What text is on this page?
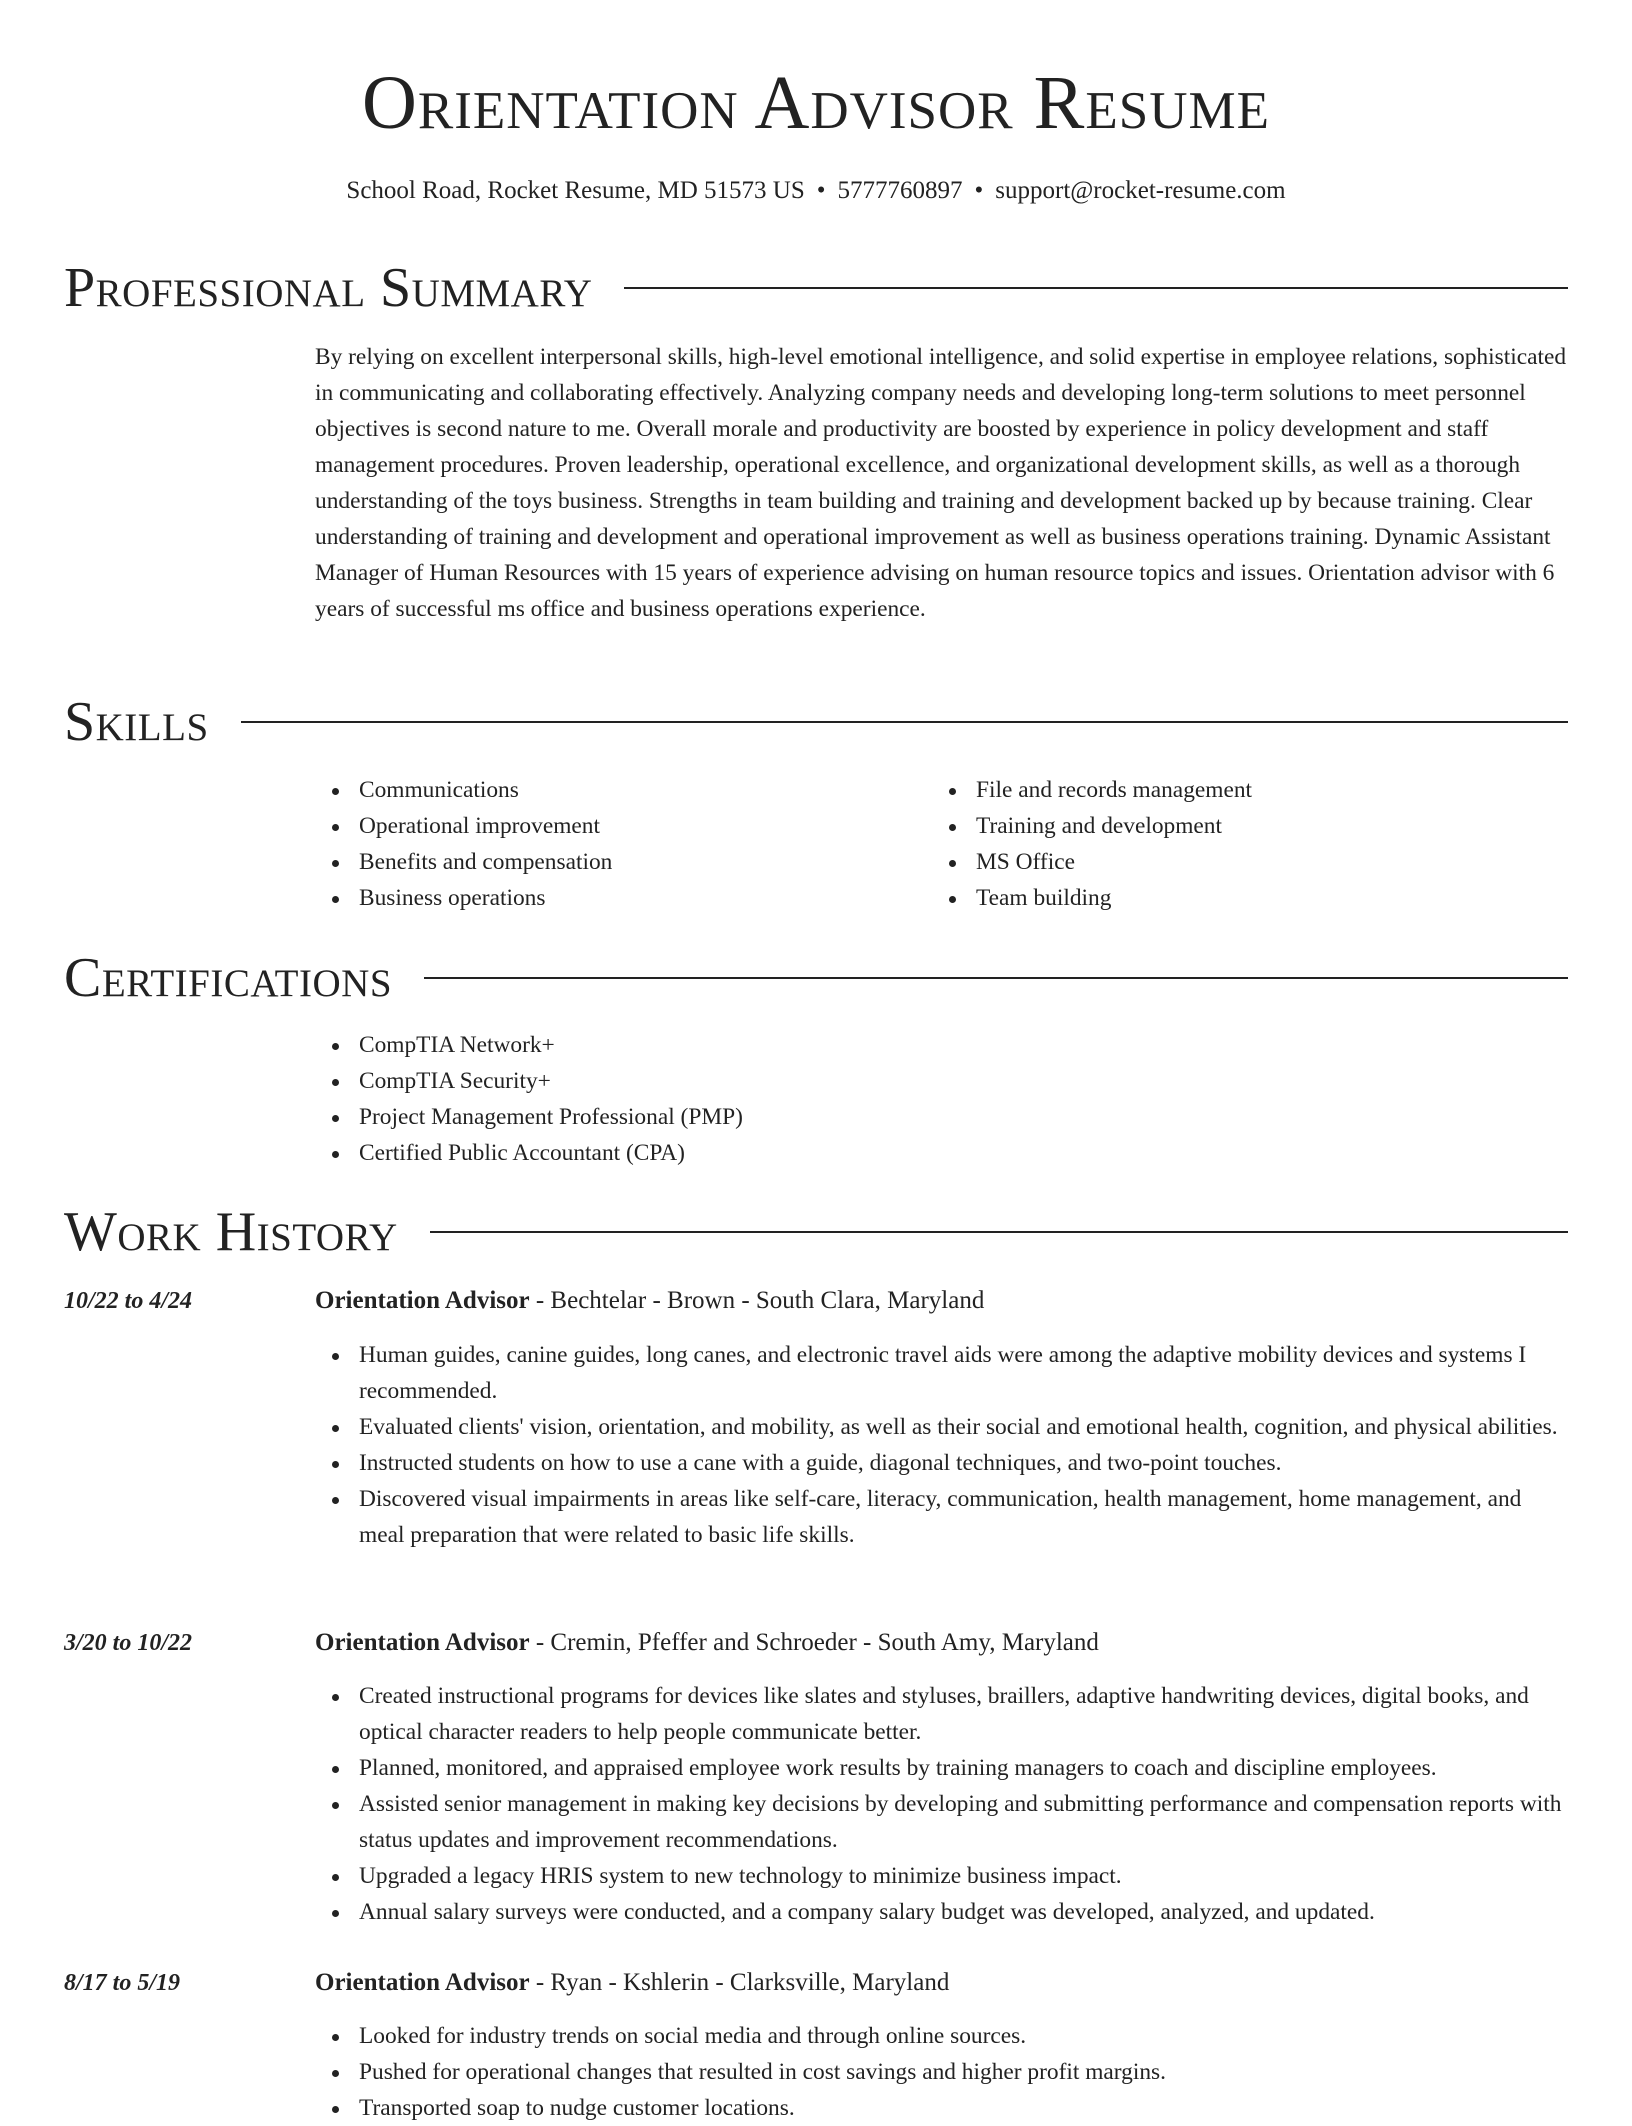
Orientation Advisor Resume
School Road, Rocket Resume, MD 51573 US • 5777760897 • support@rocket-resume.com
Professional Summary

By relying on excellent interpersonal skills, high-level emotional intelligence, and solid expertise in employee relations, sophisticated in communicating and collaborating effectively. Analyzing company needs and developing long-term solutions to meet personnel objectives is second nature to me. Overall morale and productivity are boosted by experience in policy development and staff management procedures. Proven leadership, operational excellence, and organizational development skills, as well as a thorough understanding of the toys business. Strengths in team building and training and development backed up by because training. Clear understanding of training and development and operational improvement as well as business operations training. Dynamic Assistant Manager of Human Resources with 15 years of experience advising on human resource topics and issues. Orientation advisor with 6 years of successful ms office and business operations experience.

Skills
Communications
Operational improvement
Benefits and compensation
Business operations
File and records management
Training and development
MS Office
Team building
Certifications
CompTIA Network+
CompTIA Security+
Project Management Professional (PMP)
Certified Public Accountant (CPA)
Work History
10/22 to 4/24	Orientation Advisor - Bechtelar - Brown - South Clara, Maryland
Human guides, canine guides, long canes, and electronic travel aids were among the adaptive mobility devices and systems I recommended.
Evaluated clients' vision, orientation, and mobility, as well as their social and emotional health, cognition, and physical abilities.
Instructed students on how to use a cane with a guide, diagonal techniques, and two-point touches.
Discovered visual impairments in areas like self-care, literacy, communication, health management, home management, and meal preparation that were related to basic life skills.
3/20 to 10/22	Orientation Advisor - Cremin, Pfeffer and Schroeder - South Amy, Maryland
Created instructional programs for devices like slates and styluses, braillers, adaptive handwriting devices, digital books, and optical character readers to help people communicate better.
Planned, monitored, and appraised employee work results by training managers to coach and discipline employees.
Assisted senior management in making key decisions by developing and submitting performance and compensation reports with status updates and improvement recommendations.
Upgraded a legacy HRIS system to new technology to minimize business impact.
Annual salary surveys were conducted, and a company salary budget was developed, analyzed, and updated.
8/17 to 5/19	Orientation Advisor - Ryan - Kshlerin - Clarksville, Maryland
Looked for industry trends on social media and through online sources.
Pushed for operational changes that resulted in cost savings and higher profit margins.
Transported soap to nudge customer locations.
